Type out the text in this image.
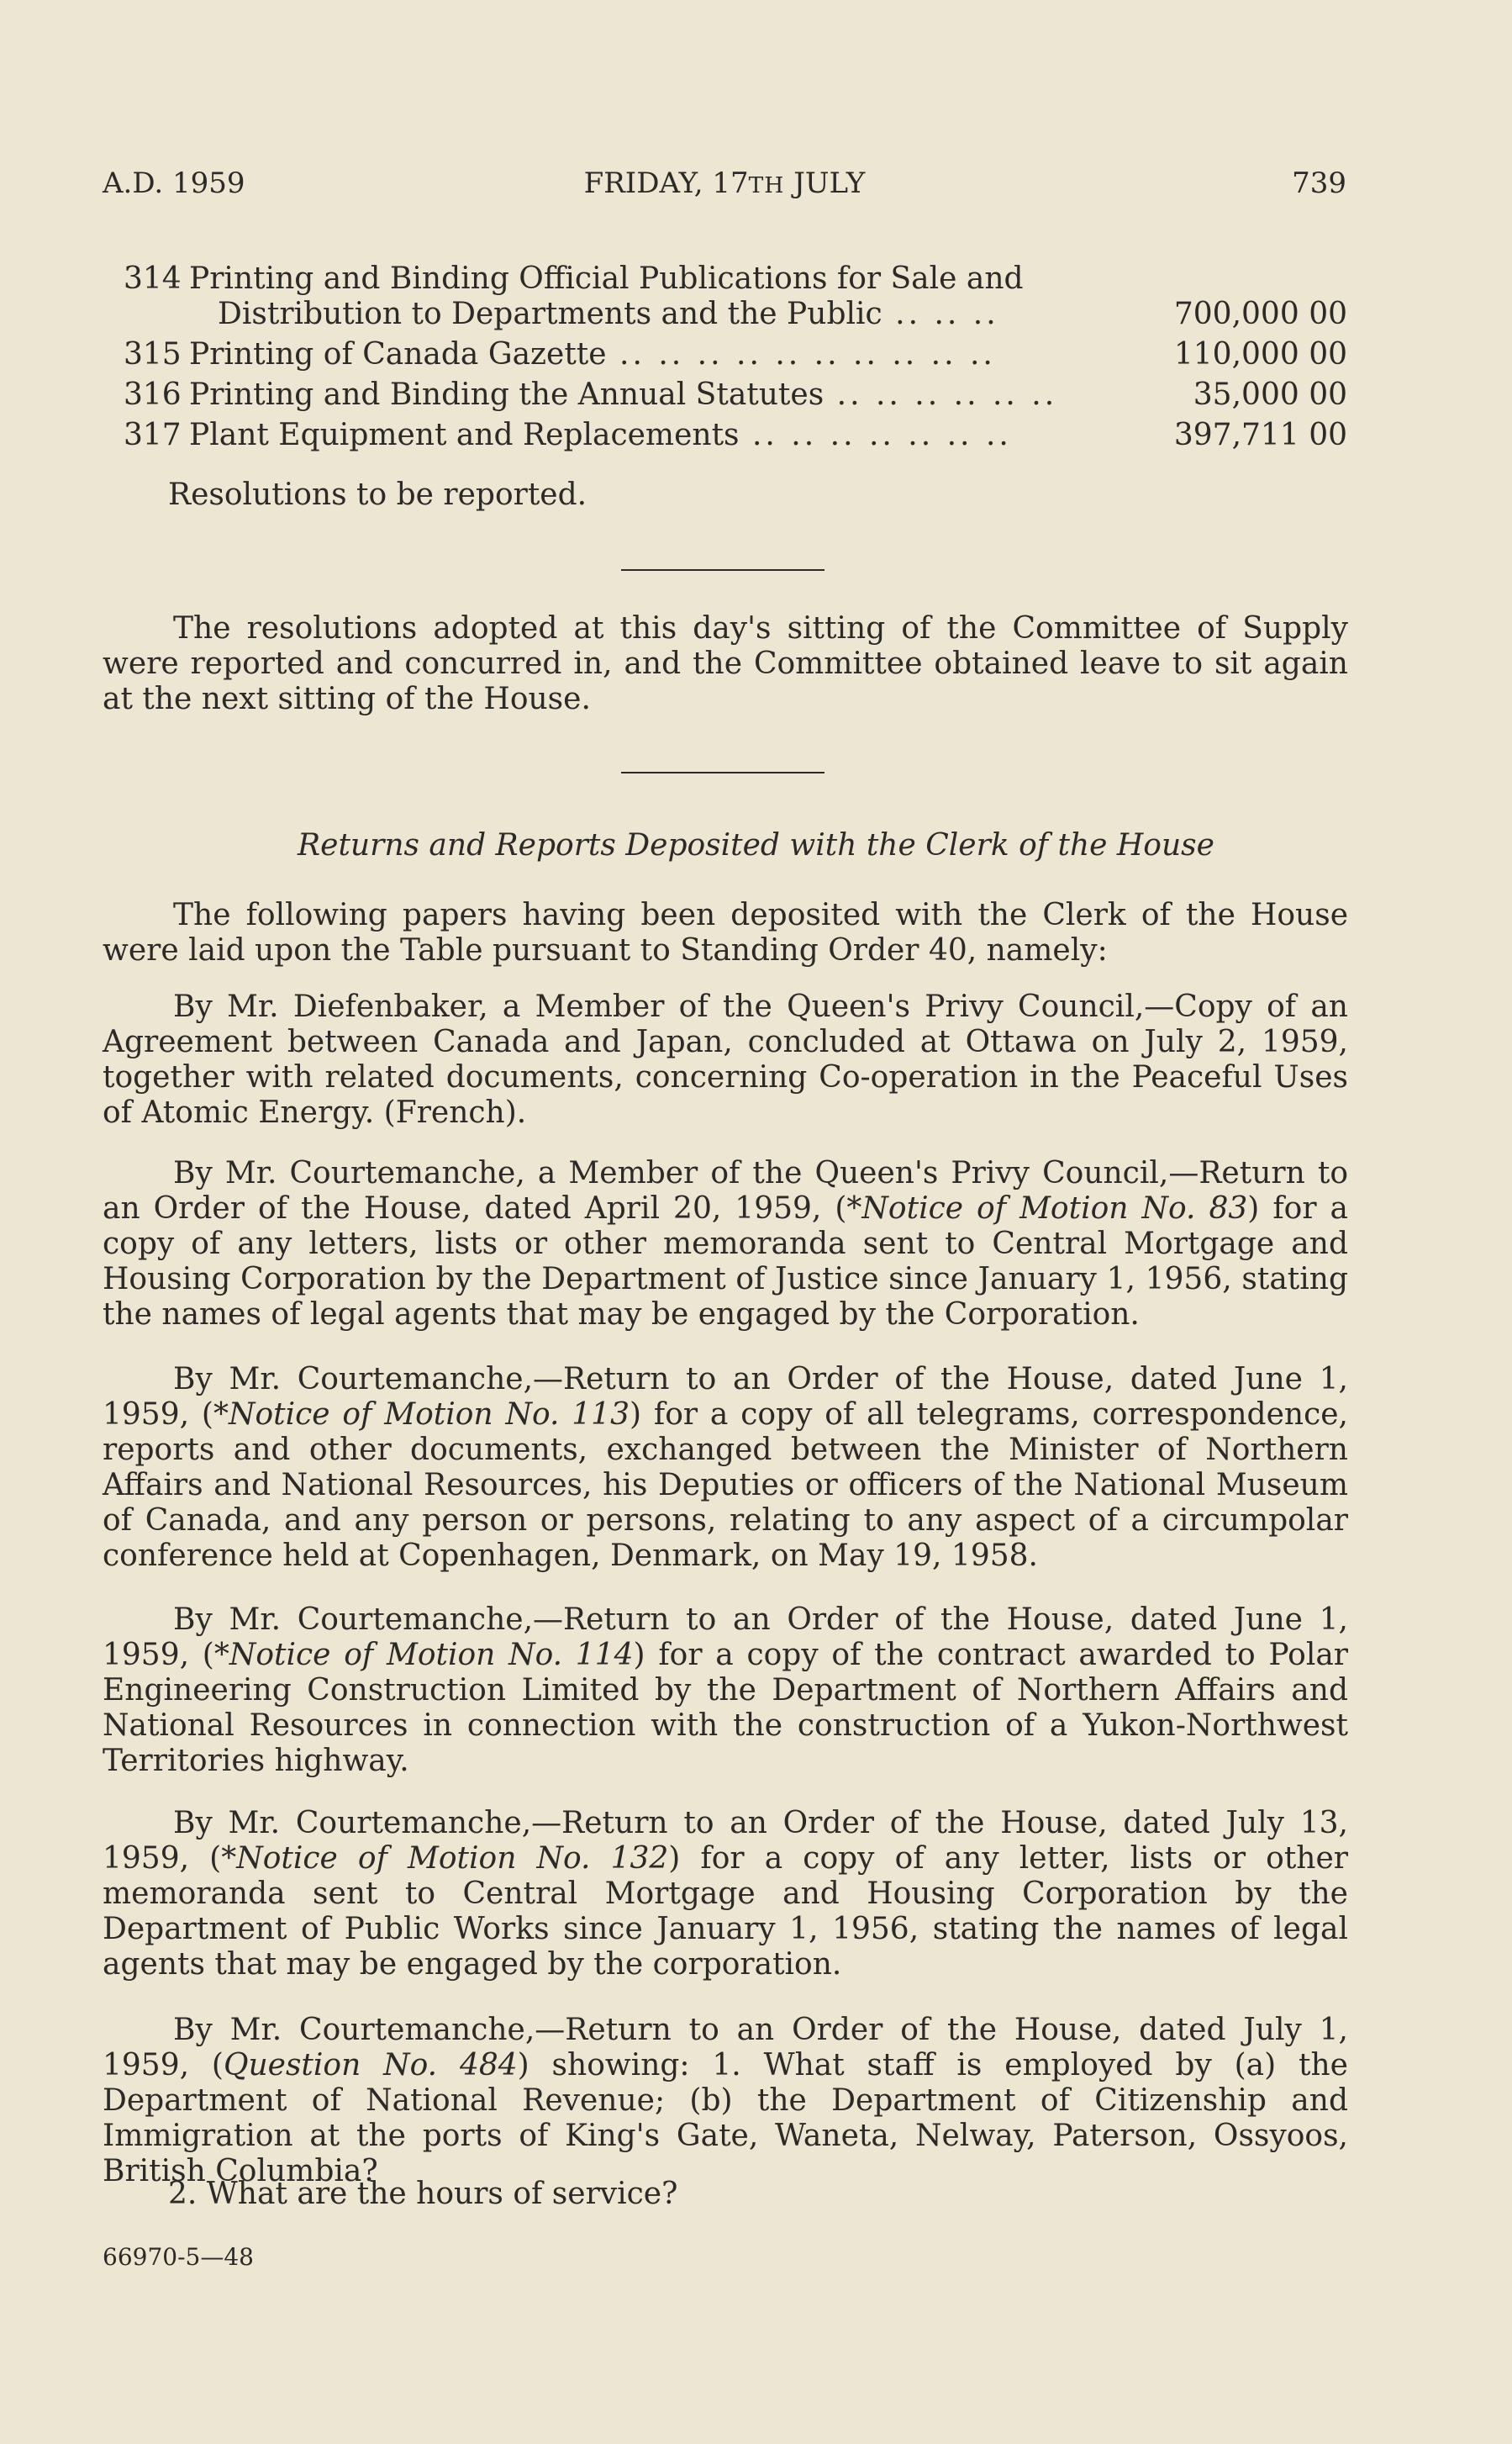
A.D. 1959	FRIDAY, 17TH JULY	739
314 Printing and Binding Official Publications for Sale and
Distribution to Departments and the Public .. .. ..	700,000 00
315 Printing of Canada Gazette .. .. .. .. .. .. .. .. .. ..	110,000 00
316 Printing and Binding the Annual Statutes .. .. .. .. .. ..	35,000 00
317 Plant Equipment and Replacements .. .. .. .. .. .. ..	397,711 00
Resolutions to be reported.
The resolutions adopted at this day's sitting of the Committee of Supply were reported and concurred in, and the Committee obtained leave to sit again at the next sitting of the House.
Returns and Reports Deposited with the Clerk of the House
The following papers having been deposited with the Clerk of the House were laid upon the Table pursuant to Standing Order 40, namely:
By Mr. Diefenbaker, a Member of the Queen's Privy Council,—Copy of an Agreement between Canada and Japan, concluded at Ottawa on July 2, 1959, together with related documents, concerning Co-operation in the Peaceful Uses of Atomic Energy. (French).
By Mr. Courtemanche, a Member of the Queen's Privy Council,—Return to an Order of the House, dated April 20, 1959, (*Notice of Motion No. 83) for a copy of any letters, lists or other memoranda sent to Central Mortgage and Housing Corporation by the Department of Justice since January 1, 1956, stating the names of legal agents that may be engaged by the Corporation.
By Mr. Courtemanche,—Return to an Order of the House, dated June 1, 1959, (*Notice of Motion No. 113) for a copy of all telegrams, correspondence, reports and other documents, exchanged between the Minister of Northern Affairs and National Resources, his Deputies or officers of the National Museum of Canada, and any person or persons, relating to any aspect of a circumpolar conference held at Copenhagen, Denmark, on May 19, 1958.
By Mr. Courtemanche,—Return to an Order of the House, dated June 1, 1959, (*Notice of Motion No. 114) for a copy of the contract awarded to Polar Engineering Construction Limited by the Department of Northern Affairs and National Resources in connection with the construction of a Yukon-Northwest Territories highway.
By Mr. Courtemanche,—Return to an Order of the House, dated July 13, 1959, (*Notice of Motion No. 132) for a copy of any letter, lists or other memoranda sent to Central Mortgage and Housing Corporation by the Department of Public Works since January 1, 1956, stating the names of legal agents that may be engaged by the corporation.
By Mr. Courtemanche,—Return to an Order of the House, dated July 1, 1959, (Question No. 484) showing: 1. What staff is employed by (a) the Department of National Revenue; (b) the Department of Citizenship and Immigration at the ports of King's Gate, Waneta, Nelway, Paterson, Ossyoos, British Columbia?
2. What are the hours of service?
66970-5—48
